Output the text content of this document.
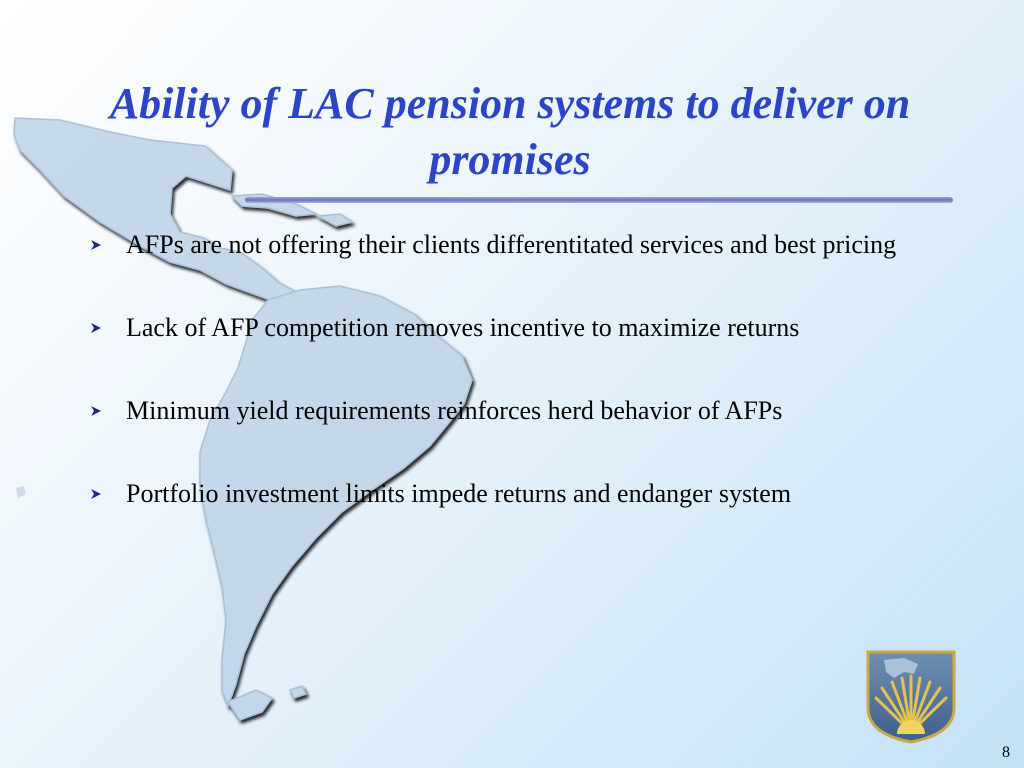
Ability of LAC pension systems to deliver on promises
AFPs are not offering their clients differentitated services and best pricing
Lack of AFP competition removes incentive to maximize returns
Minimum yield requirements reinforces herd behavior of AFPs
Portfolio investment limits impede returns and endanger system
8
